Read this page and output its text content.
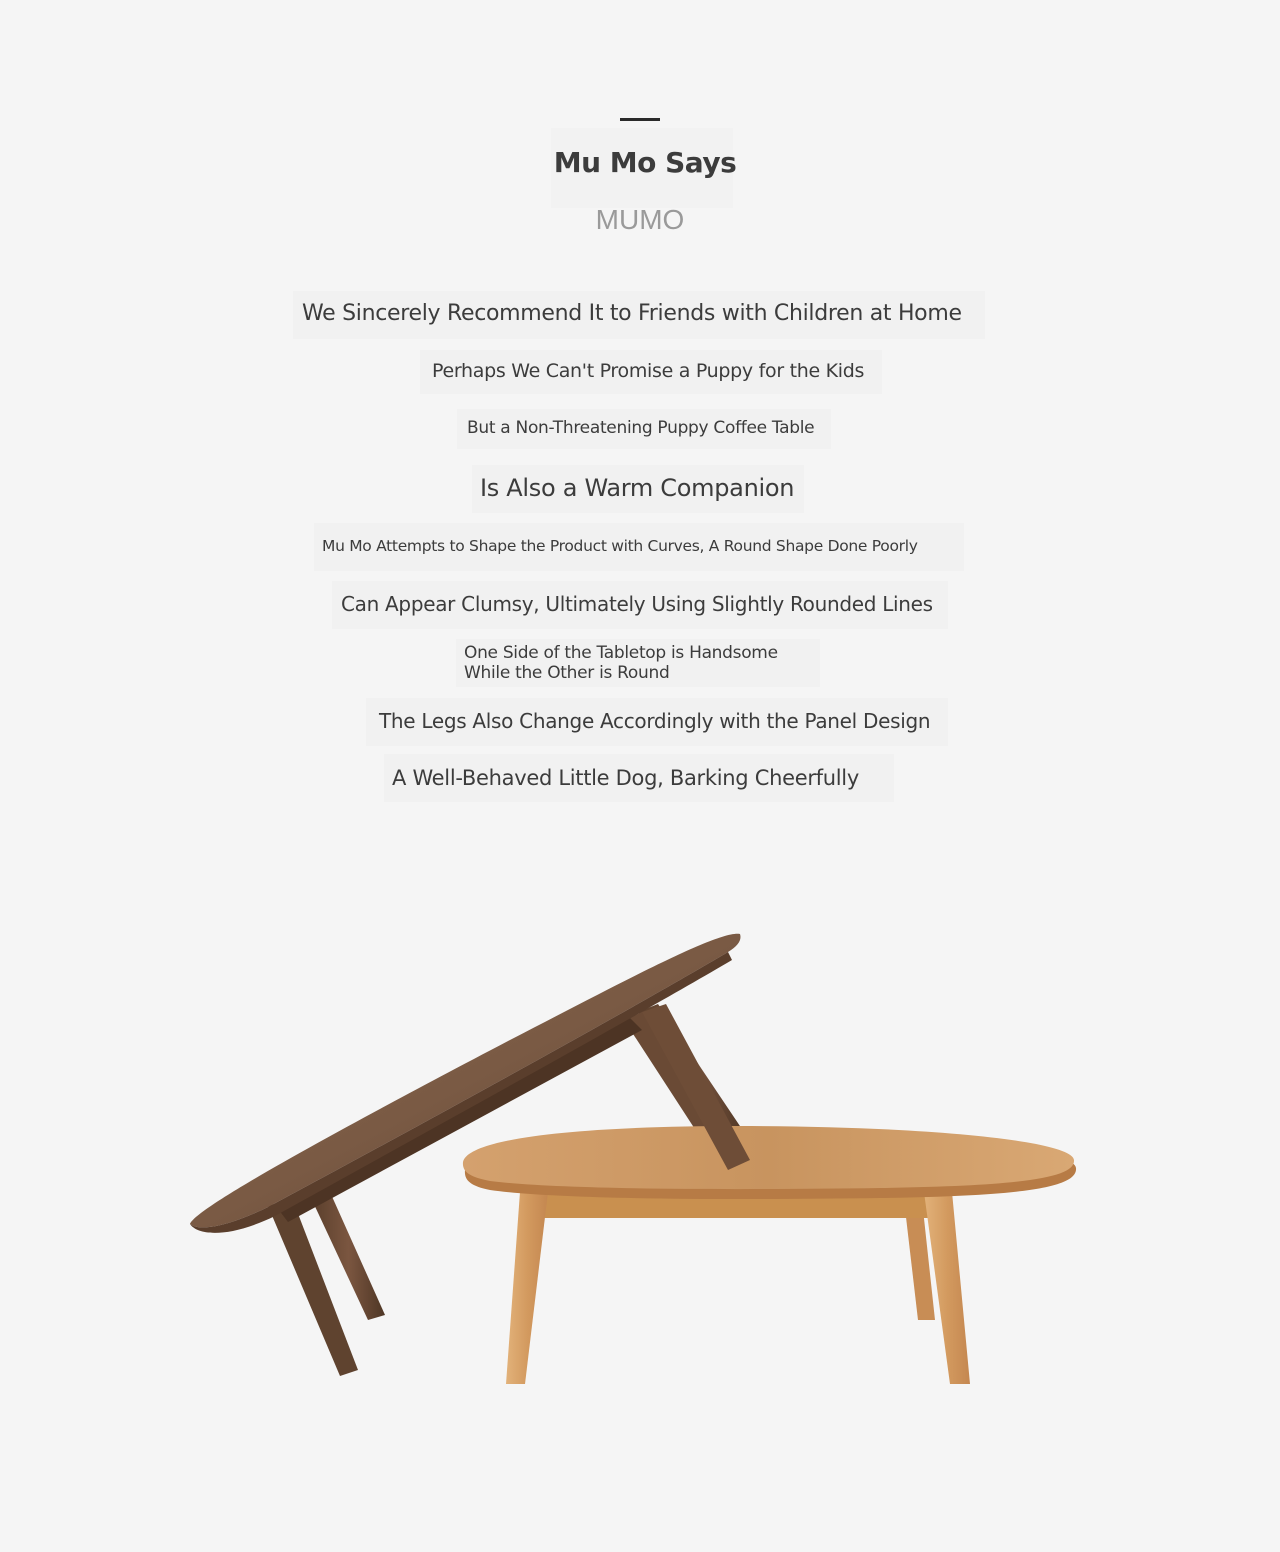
Mu Mo Says
MUMO
We Sincerely Recommend It to Friends with Children at Home
Perhaps We Can't Promise a Puppy for the Kids
But a Non-Threatening Puppy Coffee Table
Is Also a Warm Companion
Mu Mo Attempts to Shape the Product with Curves, A Round Shape Done Poorly
Can Appear Clumsy, Ultimately Using Slightly Rounded Lines
One Side of the Tabletop is Handsome While the Other is Round
The Legs Also Change Accordingly with the Panel Design
A Well-Behaved Little Dog, Barking Cheerfully
